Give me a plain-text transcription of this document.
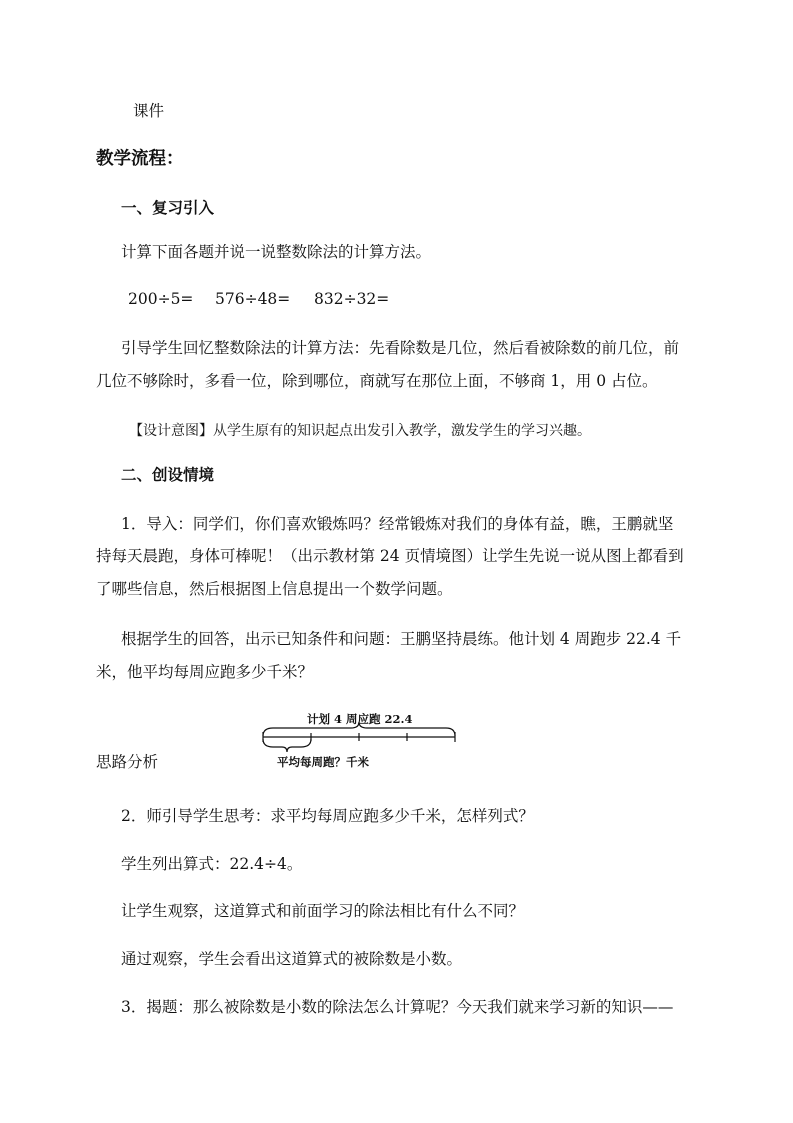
课件
教学流程：
一、复习引入
计算下面各题并说一说整数除法的计算方法。
200÷5= 576÷48= 832÷32=
引导学生回忆整数除法的计算方法：先看除数是几位，然后看被除数的前几位，前
几位不够除时，多看一位，除到哪位，商就写在那位上面，不够商 1，用 0 占位。
【设计意图】从学生原有的知识起点出发引入教学，激发学生的学习兴趣。
二、创设情境
1．导入：同学们，你们喜欢锻炼吗？经常锻炼对我们的身体有益，瞧，王鹏就坚
持每天晨跑，身体可棒呢！（出示教材第 24 页情境图）让学生先说一说从图上都看到
了哪些信息，然后根据图上信息提出一个数学问题。
根据学生的回答，出示已知条件和问题：王鹏坚持晨练。他计划 4 周跑步 22.4 千
米，他平均每周应跑多少千米？
计划 4 周应跑 22.4
平均每周跑？千米
思路分析
2．师引导学生思考：求平均每周应跑多少千米，怎样列式？
学生列出算式：22.4÷4。
让学生观察，这道算式和前面学习的除法相比有什么不同？
通过观察，学生会看出这道算式的被除数是小数。
3．揭题：那么被除数是小数的除法怎么计算呢？今天我们就来学习新的知识——
